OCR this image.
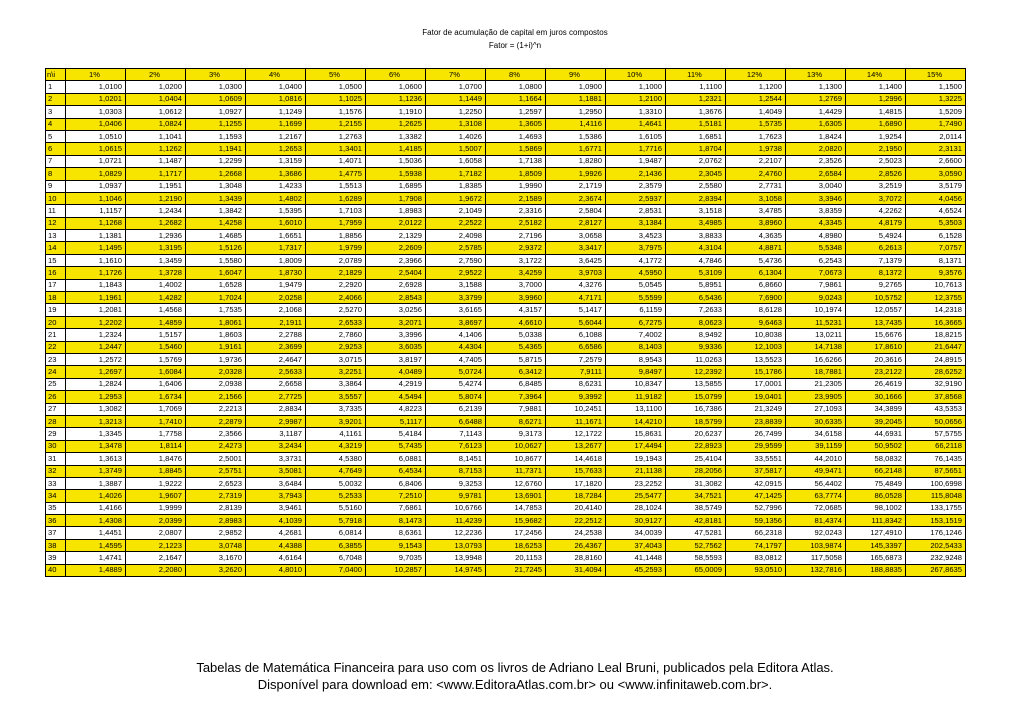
Fator de acumulação de capital em juros compostos
Fator = (1+i)^n
n\i	1%	2%	3%	4%	5%	6%	7%	8%	9%	10%	11%	12%	13%	14%	15%
1	1,0100	1,0200	1,0300	1,0400	1,0500	1,0600	1,0700	1,0800	1,0900	1,1000	1,1100	1,1200	1,1300	1,1400	1,1500
2	1,0201	1,0404	1,0609	1,0816	1,1025	1,1236	1,1449	1,1664	1,1881	1,2100	1,2321	1,2544	1,2769	1,2996	1,3225
3	1,0303	1,0612	1,0927	1,1249	1,1576	1,1910	1,2250	1,2597	1,2950	1,3310	1,3676	1,4049	1,4429	1,4815	1,5209
4	1,0406	1,0824	1,1255	1,1699	1,2155	1,2625	1,3108	1,3605	1,4116	1,4641	1,5181	1,5735	1,6305	1,6890	1,7490
5	1,0510	1,1041	1,1593	1,2167	1,2763	1,3382	1,4026	1,4693	1,5386	1,6105	1,6851	1,7623	1,8424	1,9254	2,0114
6	1,0615	1,1262	1,1941	1,2653	1,3401	1,4185	1,5007	1,5869	1,6771	1,7716	1,8704	1,9738	2,0820	2,1950	2,3131
7	1,0721	1,1487	1,2299	1,3159	1,4071	1,5036	1,6058	1,7138	1,8280	1,9487	2,0762	2,2107	2,3526	2,5023	2,6600
8	1,0829	1,1717	1,2668	1,3686	1,4775	1,5938	1,7182	1,8509	1,9926	2,1436	2,3045	2,4760	2,6584	2,8526	3,0590
9	1,0937	1,1951	1,3048	1,4233	1,5513	1,6895	1,8385	1,9990	2,1719	2,3579	2,5580	2,7731	3,0040	3,2519	3,5179
10	1,1046	1,2190	1,3439	1,4802	1,6289	1,7908	1,9672	2,1589	2,3674	2,5937	2,8394	3,1058	3,3946	3,7072	4,0456
11	1,1157	1,2434	1,3842	1,5395	1,7103	1,8983	2,1049	2,3316	2,5804	2,8531	3,1518	3,4785	3,8359	4,2262	4,6524
12	1,1268	1,2682	1,4258	1,6010	1,7959	2,0122	2,2522	2,5182	2,8127	3,1384	3,4985	3,8960	4,3345	4,8179	5,3503
13	1,1381	1,2936	1,4685	1,6651	1,8856	2,1329	2,4098	2,7196	3,0658	3,4523	3,8833	4,3635	4,8980	5,4924	6,1528
14	1,1495	1,3195	1,5126	1,7317	1,9799	2,2609	2,5785	2,9372	3,3417	3,7975	4,3104	4,8871	5,5348	6,2613	7,0757
15	1,1610	1,3459	1,5580	1,8009	2,0789	2,3966	2,7590	3,1722	3,6425	4,1772	4,7846	5,4736	6,2543	7,1379	8,1371
16	1,1726	1,3728	1,6047	1,8730	2,1829	2,5404	2,9522	3,4259	3,9703	4,5950	5,3109	6,1304	7,0673	8,1372	9,3576
17	1,1843	1,4002	1,6528	1,9479	2,2920	2,6928	3,1588	3,7000	4,3276	5,0545	5,8951	6,8660	7,9861	9,2765	10,7613
18	1,1961	1,4282	1,7024	2,0258	2,4066	2,8543	3,3799	3,9960	4,7171	5,5599	6,5436	7,6900	9,0243	10,5752	12,3755
19	1,2081	1,4568	1,7535	2,1068	2,5270	3,0256	3,6165	4,3157	5,1417	6,1159	7,2633	8,6128	10,1974	12,0557	14,2318
20	1,2202	1,4859	1,8061	2,1911	2,6533	3,2071	3,8697	4,6610	5,6044	6,7275	8,0623	9,6463	11,5231	13,7435	16,3665
21	1,2324	1,5157	1,8603	2,2788	2,7860	3,3996	4,1406	5,0338	6,1088	7,4002	8,9492	10,8038	13,0211	15,6676	18,8215
22	1,2447	1,5460	1,9161	2,3699	2,9253	3,6035	4,4304	5,4365	6,6586	8,1403	9,9336	12,1003	14,7138	17,8610	21,6447
23	1,2572	1,5769	1,9736	2,4647	3,0715	3,8197	4,7405	5,8715	7,2579	8,9543	11,0263	13,5523	16,6266	20,3616	24,8915
24	1,2697	1,6084	2,0328	2,5633	3,2251	4,0489	5,0724	6,3412	7,9111	9,8497	12,2392	15,1786	18,7881	23,2122	28,6252
25	1,2824	1,6406	2,0938	2,6658	3,3864	4,2919	5,4274	6,8485	8,6231	10,8347	13,5855	17,0001	21,2305	26,4619	32,9190
26	1,2953	1,6734	2,1566	2,7725	3,5557	4,5494	5,8074	7,3964	9,3992	11,9182	15,0799	19,0401	23,9905	30,1666	37,8568
27	1,3082	1,7069	2,2213	2,8834	3,7335	4,8223	6,2139	7,9881	10,2451	13,1100	16,7386	21,3249	27,1093	34,3899	43,5353
28	1,3213	1,7410	2,2879	2,9987	3,9201	5,1117	6,6488	8,6271	11,1671	14,4210	18,5799	23,8839	30,6335	39,2045	50,0656
29	1,3345	1,7758	2,3566	3,1187	4,1161	5,4184	7,1143	9,3173	12,1722	15,8631	20,6237	26,7499	34,6158	44,6931	57,5755
30	1,3478	1,8114	2,4273	3,2434	4,3219	5,7435	7,6123	10,0627	13,2677	17,4494	22,8923	29,9599	39,1159	50,9502	66,2118
31	1,3613	1,8476	2,5001	3,3731	4,5380	6,0881	8,1451	10,8677	14,4618	19,1943	25,4104	33,5551	44,2010	58,0832	76,1435
32	1,3749	1,8845	2,5751	3,5081	4,7649	6,4534	8,7153	11,7371	15,7633	21,1138	28,2056	37,5817	49,9471	66,2148	87,5651
33	1,3887	1,9222	2,6523	3,6484	5,0032	6,8406	9,3253	12,6760	17,1820	23,2252	31,3082	42,0915	56,4402	75,4849	100,6998
34	1,4026	1,9607	2,7319	3,7943	5,2533	7,2510	9,9781	13,6901	18,7284	25,5477	34,7521	47,1425	63,7774	86,0528	115,8048
35	1,4166	1,9999	2,8139	3,9461	5,5160	7,6861	10,6766	14,7853	20,4140	28,1024	38,5749	52,7996	72,0685	98,1002	133,1755
36	1,4308	2,0399	2,8983	4,1039	5,7918	8,1473	11,4239	15,9682	22,2512	30,9127	42,8181	59,1356	81,4374	111,8342	153,1519
37	1,4451	2,0807	2,9852	4,2681	6,0814	8,6361	12,2236	17,2456	24,2538	34,0039	47,5281	66,2318	92,0243	127,4910	176,1246
38	1,4595	2,1223	3,0748	4,4388	6,3855	9,1543	13,0793	18,6253	26,4367	37,4043	52,7562	74,1797	103,9874	145,3397	202,5433
39	1,4741	2,1647	3,1670	4,6164	6,7048	9,7035	13,9948	20,1153	28,8160	41,1448	58,5593	83,0812	117,5058	165,6873	232,9248
40	1,4889	2,2080	3,2620	4,8010	7,0400	10,2857	14,9745	21,7245	31,4094	45,2593	65,0009	93,0510	132,7816	188,8835	267,8635
Tabelas de Matemática Financeira para uso com os livros de Adriano Leal Bruni, publicados pela Editora Atlas.
Disponível para download em: <www.EditoraAtlas.com.br> ou <www.infinitaweb.com.br>.
